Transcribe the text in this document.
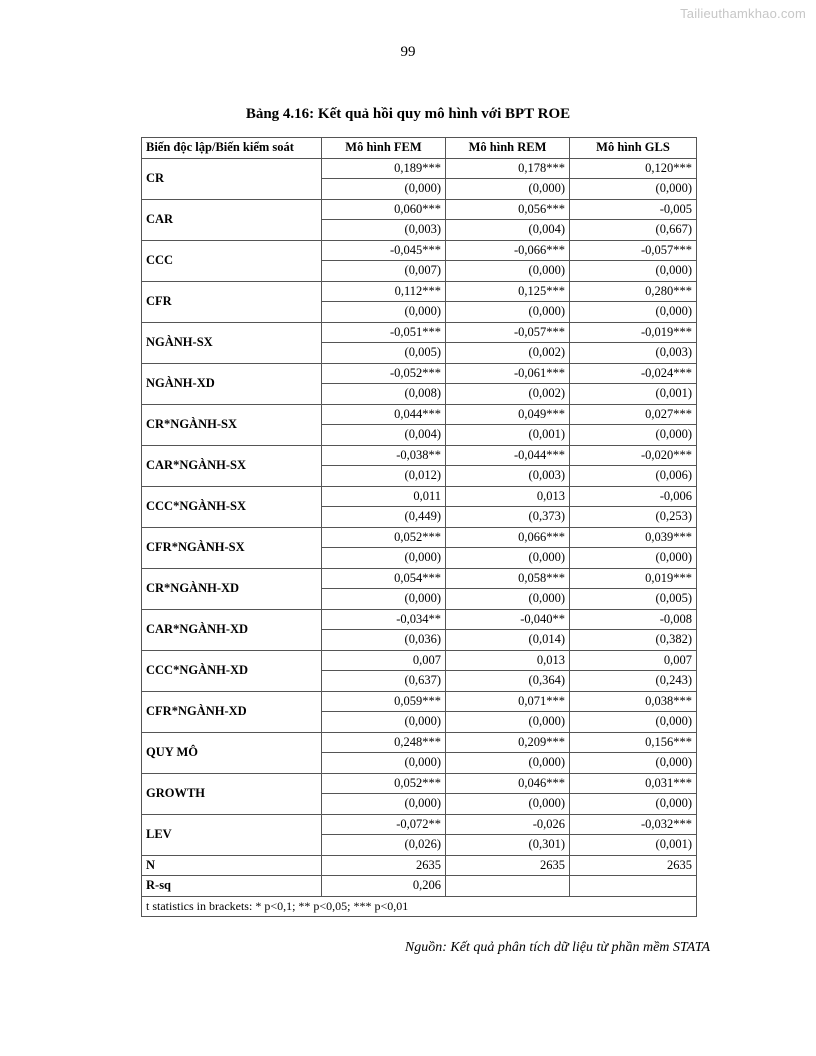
Tailieuthamkhao.com
99
Bảng 4.16: Kết quả hồi quy mô hình với BPT ROE
Biến độc lập/Biến kiểm soát	Mô hình FEM	Mô hình REM	Mô hình GLS
CR	0,189***	0,178***	0,120***
	(0,000)	(0,000)	(0,000)
CAR	0,060***	0,056***	-0,005
	(0,003)	(0,004)	(0,667)
CCC	-0,045***	-0,066***	-0,057***
	(0,007)	(0,000)	(0,000)
CFR	0,112***	0,125***	0,280***
	(0,000)	(0,000)	(0,000)
NGÀNH-SX	-0,051***	-0,057***	-0,019***
	(0,005)	(0,002)	(0,003)
NGÀNH-XD	-0,052***	-0,061***	-0,024***
	(0,008)	(0,002)	(0,001)
CR*NGÀNH-SX	0,044***	0,049***	0,027***
	(0,004)	(0,001)	(0,000)
CAR*NGÀNH-SX	-0,038**	-0,044***	-0,020***
	(0,012)	(0,003)	(0,006)
CCC*NGÀNH-SX	0,011	0,013	-0,006
	(0,449)	(0,373)	(0,253)
CFR*NGÀNH-SX	0,052***	0,066***	0,039***
	(0,000)	(0,000)	(0,000)
CR*NGÀNH-XD	0,054***	0,058***	0,019***
	(0,000)	(0,000)	(0,005)
CAR*NGÀNH-XD	-0,034**	-0,040**	-0,008
	(0,036)	(0,014)	(0,382)
CCC*NGÀNH-XD	0,007	0,013	0,007
	(0,637)	(0,364)	(0,243)
CFR*NGÀNH-XD	0,059***	0,071***	0,038***
	(0,000)	(0,000)	(0,000)
QUY MÔ	0,248***	0,209***	0,156***
	(0,000)	(0,000)	(0,000)
GROWTH	0,052***	0,046***	0,031***
	(0,000)	(0,000)	(0,000)
LEV	-0,072**	-0,026	-0,032***
	(0,026)	(0,301)	(0,001)
N	2635	2635	2635
R-sq	0,206		
t statistics in brackets: * p<0,1; ** p<0,05; *** p<0,01			
Nguồn: Kết quả phân tích dữ liệu từ phần mềm STATA
